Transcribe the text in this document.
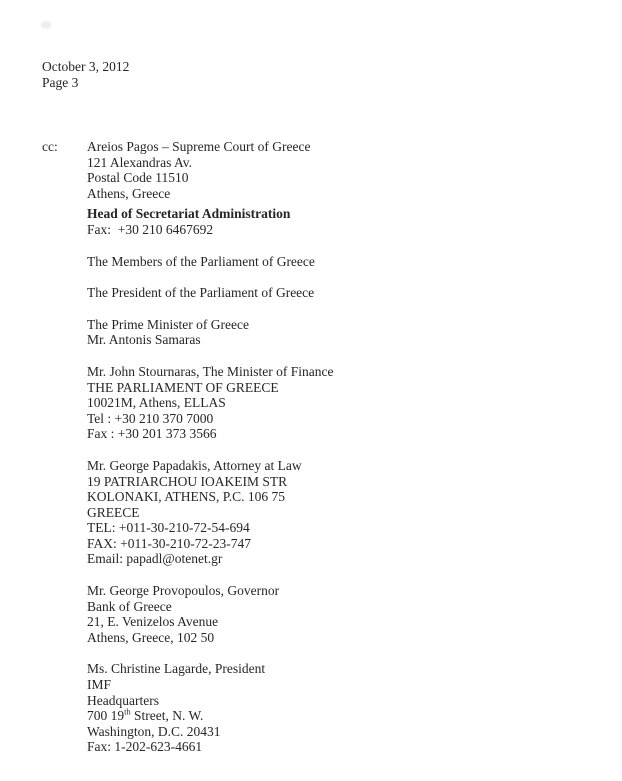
October 3, 2012
Page 3
cc:	Areios Pagos – Supreme Court of Greece
121 Alexandras Av.
Postal Code 11510
Athens, Greece
Head of Secretariat Administration
Fax:  +30 210 6467692
The Members of the Parliament of Greece
The President of the Parliament of Greece
The Prime Minister of Greece
Mr. Antonis Samaras
Mr. John Stournaras, The Minister of Finance
THE PARLIAMENT OF GREECE
10021M, Athens, ELLAS
Tel : +30 210 370 7000
Fax : +30 201 373 3566
Mr. George Papadakis, Attorney at Law
19 PATRIARCHOU IOAKEIM STR
KOLONAKI, ATHENS, P.C. 106 75
GREECE
TEL: +011-30-210-72-54-694
FAX: +011-30-210-72-23-747
Email: papadl@otenet.gr
Mr. George Provopoulos, Governor
Bank of Greece
21, E. Venizelos Avenue
Athens, Greece, 102 50
Ms. Christine Lagarde, President
IMF
Headquarters
700 19th Street, N. W.
Washington, D.C. 20431
Fax: 1-202-623-4661
